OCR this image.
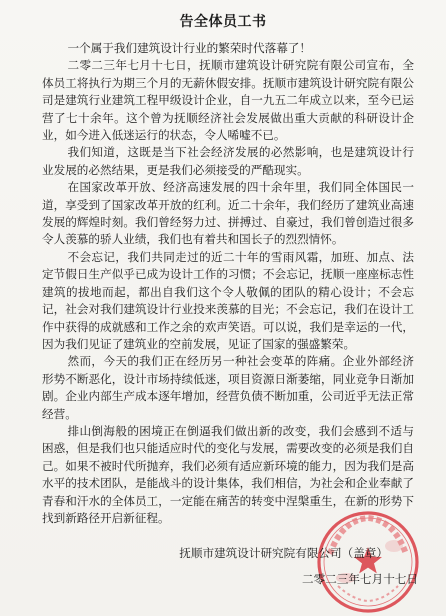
告全体员工书

一个属于我们建筑设计行业的繁荣时代落幕了！

二零二三年七月十七日，抚顺市建筑设计研究院有限公司宣布，全体员工将执行为期三个月的无薪休假安排。抚顺市建筑设计研究院有限公司是建筑行业建筑工程甲级设计企业，自一九五二年成立以来，至今已运营了七十余年。这个曾为抚顺经济社会发展做出重大贡献的科研设计企业，如今进入低迷运行的状态，令人唏嘘不已。

我们知道，这既是当下社会经济发展的必然影响，也是建筑设计行业发展的必然结果，更是我们必须接受的严酷现实。

在国家改革开放、经济高速发展的四十余年里，我们同全体国民一道，享受到了国家改革开放的红利。近二十余年，我们经历了建筑业高速发展的辉煌时刻。我们曾经努力过、拼搏过、自豪过，我们曾创造过很多令人羡慕的骄人业绩，我们也有着共和国长子的烈烈情怀。

不会忘记，我们共同走过的近二十年的雪雨风霜，加班、加点、法定节假日生产似乎已成为设计工作的习惯；不会忘记，抚顺一座座标志性建筑的拔地而起，都出自我们这个令人敬佩的团队的精心设计；不会忘记，社会对我们建筑设计行业投来羡慕的目光；不会忘记，我们在设计工作中获得的成就感和工作之余的欢声笑语。可以说，我们是幸运的一代，因为我们见证了建筑业的空前发展，见证了国家的强盛繁荣。

然而，今天的我们正在经历另一种社会变革的阵痛。企业外部经济形势不断恶化，设计市场持续低迷，项目资源日渐萎缩，同业竞争日渐加剧。企业内部生产成本逐年增加，经营负债不断加重，公司近乎无法正常经营。

排山倒海般的困境正在倒逼我们做出新的改变，我们会感到不适与困惑，但是我们也只能适应时代的变化与发展，需要改变的必须是我们自己。如果不被时代所抛弃，我们必须有适应新环境的能力，因为我们是高水平的技术团队，是能战斗的设计集体，我们相信，为社会和企业奉献了青春和汗水的全体员工，一定能在痛苦的转变中涅槃重生，在新的形势下找到新路径开启新征程。

抚顺市建筑设计研究院有限公司（盖章）
二零二三年七月十七日
